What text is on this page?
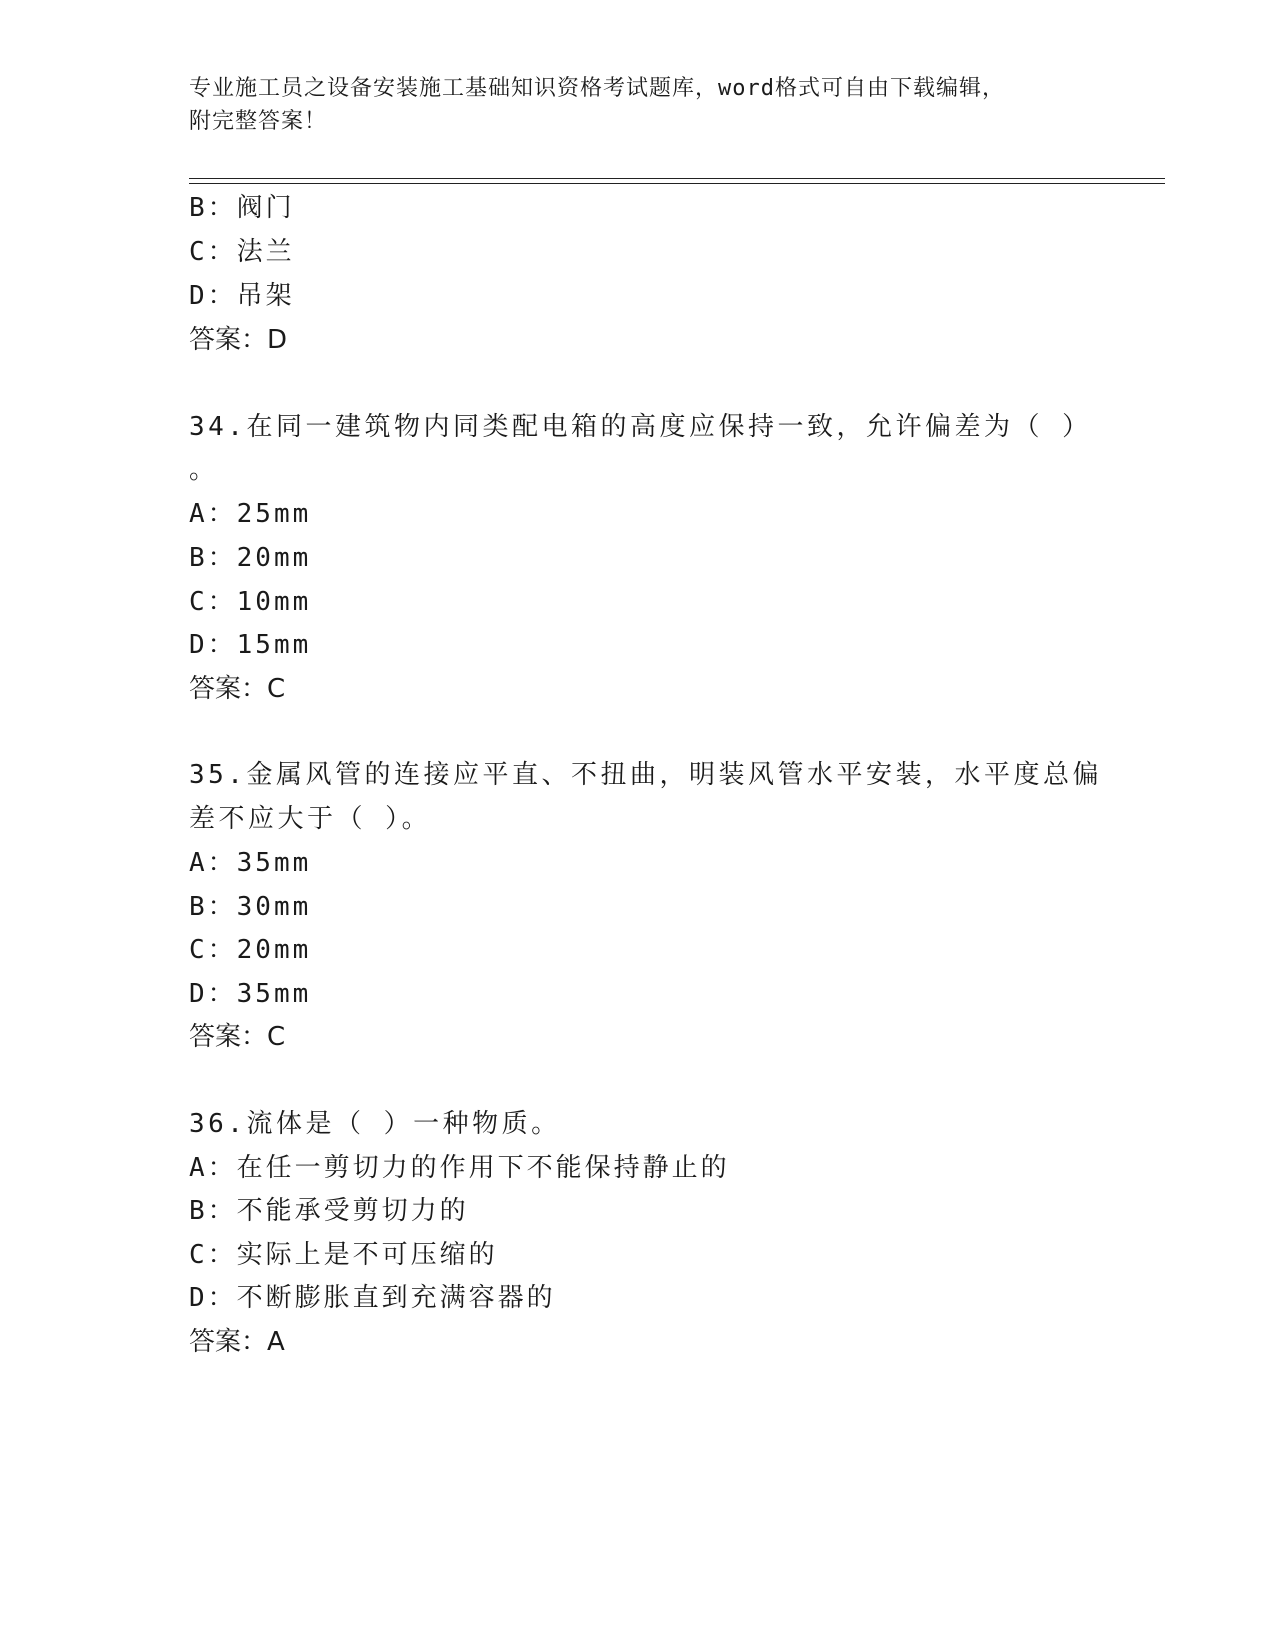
专业施工员之设备安装施工基础知识资格考试题库，word格式可自由下载编辑，
附完整答案！
B：阀门
C：法兰
D：吊架
答案：D
34.在同一建筑物内同类配电箱的高度应保持一致，允许偏差为（ ）
。
A：25mm
B：20mm
C：10mm
D：15mm
答案：C
35.金属风管的连接应平直、不扭曲，明装风管水平安装，水平度总偏
差不应大于（ ）。
A：35mm
B：30mm
C：20mm
D：35mm
答案：C
36.流体是（ ）一种物质。
A：在任一剪切力的作用下不能保持静止的
B：不能承受剪切力的
C：实际上是不可压缩的
D：不断膨胀直到充满容器的
答案：A
